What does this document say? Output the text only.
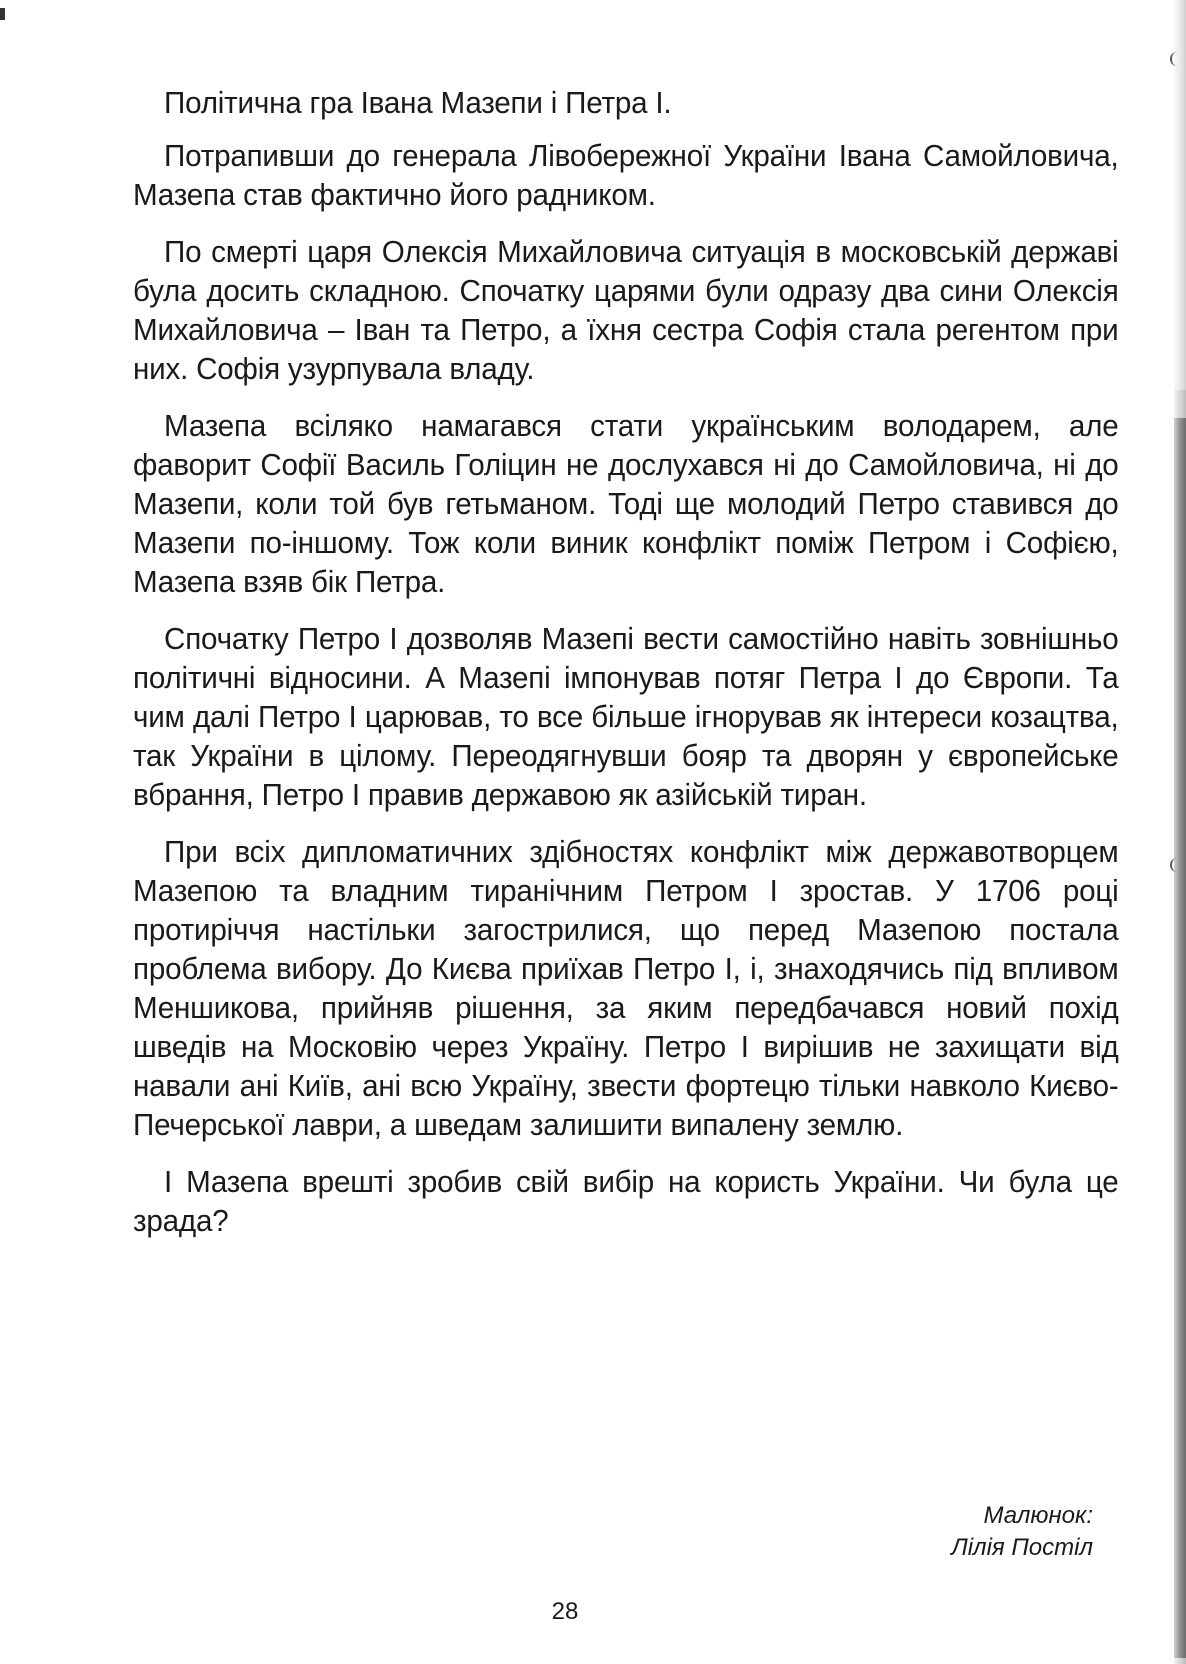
Політична гра Івана Мазепи і Петра І.

Потрапивши до генерала Лівобережної України Івана Самойловича, Мазепа став фактично його радником.

По смерті царя Олексія Михайловича ситуація в московській державі була досить складною. Спочатку царями були одразу два сини Олексія Михайловича – Іван та Петро, а їхня сестра Софія стала регентом при них. Софія узурпувала владу.

Мазепа всіляко намагався стати українським володарем, але фаворит Софії Василь Голіцин не дослухався ні до Самойловича, ні до Мазепи, коли той був гетьманом. Тоді ще молодий Петро ставився до Мазепи по-іншому. Тож коли виник конфлікт поміж Петром і Софією, Мазепа взяв бік Петра.

Спочатку Петро І дозволяв Мазепі вести самостійно навіть зовнішньо політичні відносини. А Мазепі імпонував потяг Петра І до Європи. Та чим далі Петро І царював, то все більше ігнорував як інтереси козацтва, так України в цілому. Переодягнувши бояр та дворян у європейське вбрання, Петро І правив державою як азійській тиран.

При всіх дипломатичних здібностях конфлікт між державотворцем Мазепою та владним тиранічним Петром І зростав. У 1706 році протиріччя настільки загострилися, що перед Мазепою постала проблема вибору. До Києва приїхав Петро І, і, знаходячись під впливом Меншикова, прийняв рішення, за яким передбачався новий похід шведів на Московію через Україну. Петро І вирішив не захищати від навали ані Київ, ані всю Україну, звести фортецю тільки навколо Києво-Печерської лаври, а шведам залишити випалену землю.

І Мазепа врешті зробив свій вибір на користь України. Чи була це зрада?

Малюнок:
Лілія Постіл
28
